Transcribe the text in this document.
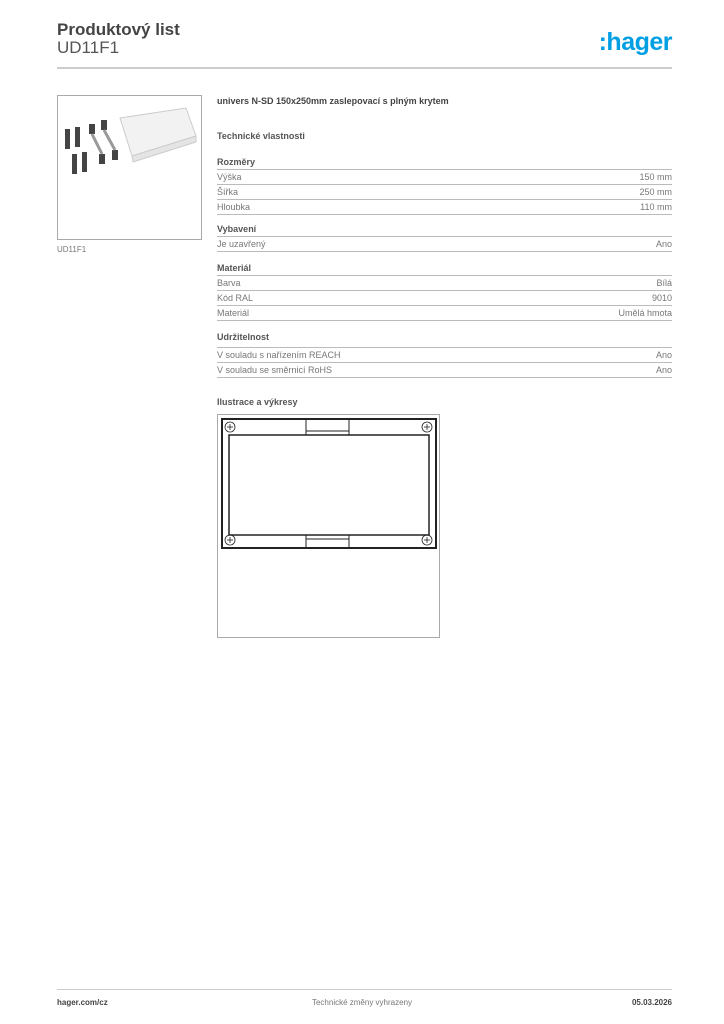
Produktový list
UD11F1	:hager
UD11F1
univers N-SD 150x250mm zaslepovací s plným krytem
Technické vlastnosti
Rozměry
Výška	150 mm
Šířka	250 mm
Hloubka	110 mm
Vybavení
Je uzavřený	Ano
Materiál
Barva	Bílá
Kód RAL	9010
Materiál	Umělá hmota
Udržitelnost
V souladu s nařízením REACH	Ano
V souladu se směrnicí RoHS	Ano
Ilustrace a výkresy
Technické změny vyhrazeny
hager.com/cz	05.03.2026
